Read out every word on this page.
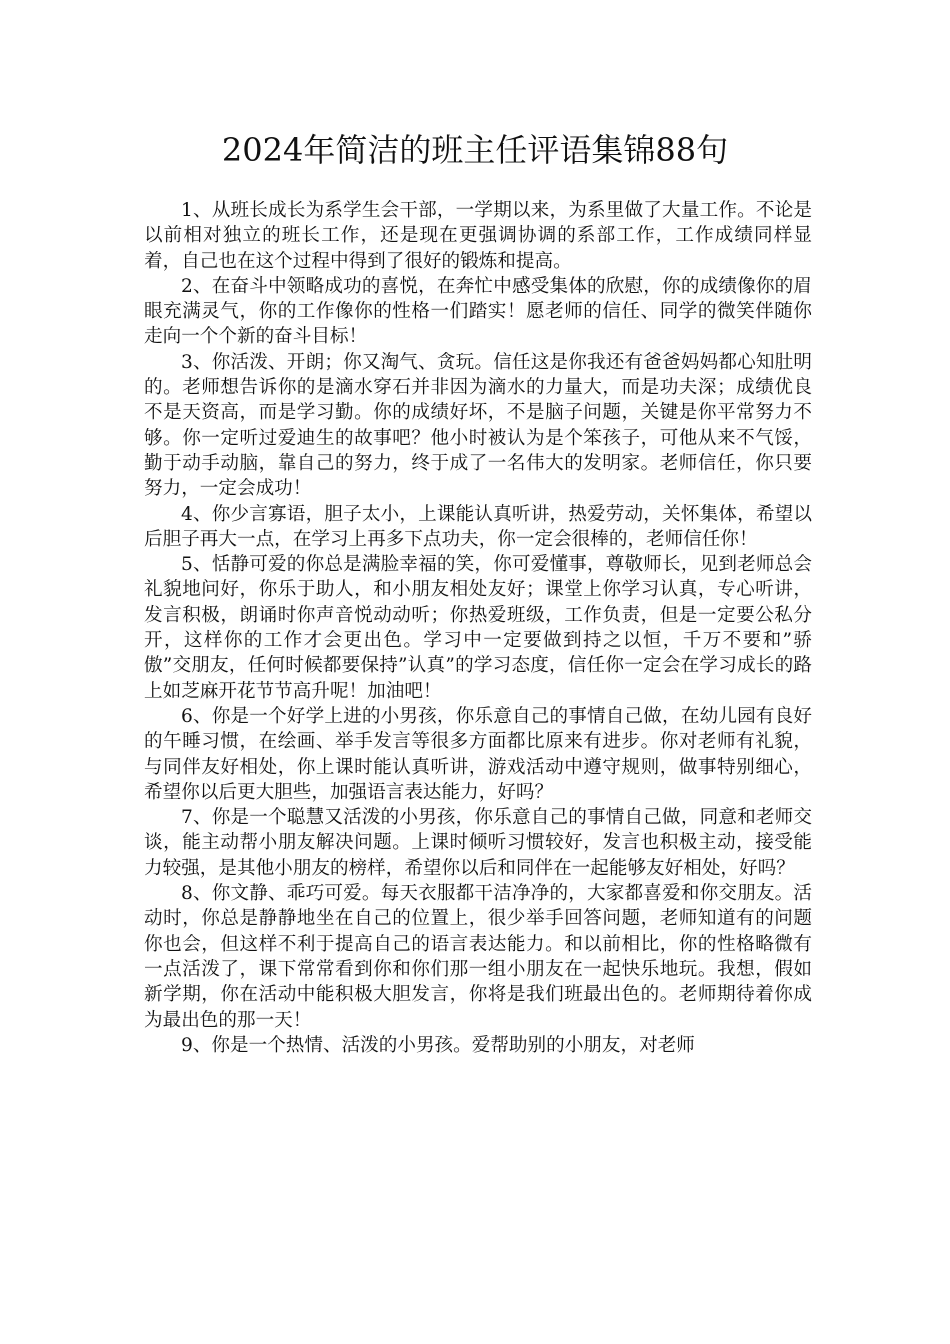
2024年简洁的班主任评语集锦88句

1、从班长成长为系学生会干部，一学期以来，为系里做了大量工作。不论是以前相对独立的班长工作，还是现在更强调协调的系部工作，工作成绩同样显着，自己也在这个过程中得到了很好的锻炼和提高。

2、在奋斗中领略成功的喜悦，在奔忙中感受集体的欣慰，你的成绩像你的眉眼充满灵气，你的工作像你的性格一们踏实！愿老师的信任、同学的微笑伴随你走向一个个新的奋斗目标！

3、你活泼、开朗；你又淘气、贪玩。信任这是你我还有爸爸妈妈都心知肚明的。老师想告诉你的是滴水穿石并非因为滴水的力量大，而是功夫深；成绩优良不是天资高，而是学习勤。你的成绩好坏，不是脑子问题，关键是你平常努力不够。你一定听过爱迪生的故事吧？他小时被认为是个笨孩子，可他从来不气馁，勤于动手动脑，靠自己的努力，终于成了一名伟大的发明家。老师信任，你只要努力，一定会成功！

4、你少言寡语，胆子太小，上课能认真听讲，热爱劳动，关怀集体，希望以后胆子再大一点，在学习上再多下点功夫，你一定会很棒的，老师信任你！

5、恬静可爱的你总是满脸幸福的笑，你可爱懂事，尊敬师长，见到老师总会礼貌地问好，你乐于助人，和小朋友相处友好；课堂上你学习认真，专心听讲，发言积极，朗诵时你声音悦动动听；你热爱班级，工作负责，但是一定要公私分开，这样你的工作才会更出色。学习中一定要做到持之以恒，千万不要和”骄傲”交朋友，任何时候都要保持”认真”的学习态度，信任你一定会在学习成长的路上如芝麻开花节节高升呢！加油吧！

6、你是一个好学上进的小男孩，你乐意自己的事情自己做，在幼儿园有良好的午睡习惯，在绘画、举手发言等很多方面都比原来有进步。你对老师有礼貌，与同伴友好相处，你上课时能认真听讲，游戏活动中遵守规则，做事特别细心，希望你以后更大胆些，加强语言表达能力，好吗？

7、你是一个聪慧又活泼的小男孩，你乐意自己的事情自己做，同意和老师交谈，能主动帮小朋友解决问题。上课时倾听习惯较好，发言也积极主动，接受能力较强，是其他小朋友的榜样，希望你以后和同伴在一起能够友好相处，好吗？

8、你文静、乖巧可爱。每天衣服都干洁净净的，大家都喜爱和你交朋友。活动时，你总是静静地坐在自己的位置上，很少举手回答问题，老师知道有的问题你也会，但这样不利于提高自己的语言表达能力。和以前相比，你的性格略微有一点活泼了，课下常常看到你和你们那一组小朋友在一起快乐地玩。我想，假如新学期，你在活动中能积极大胆发言，你将是我们班最出色的。老师期待着你成为最出色的那一天！

9、你是一个热情、活泼的小男孩。爱帮助别的小朋友，对老师
